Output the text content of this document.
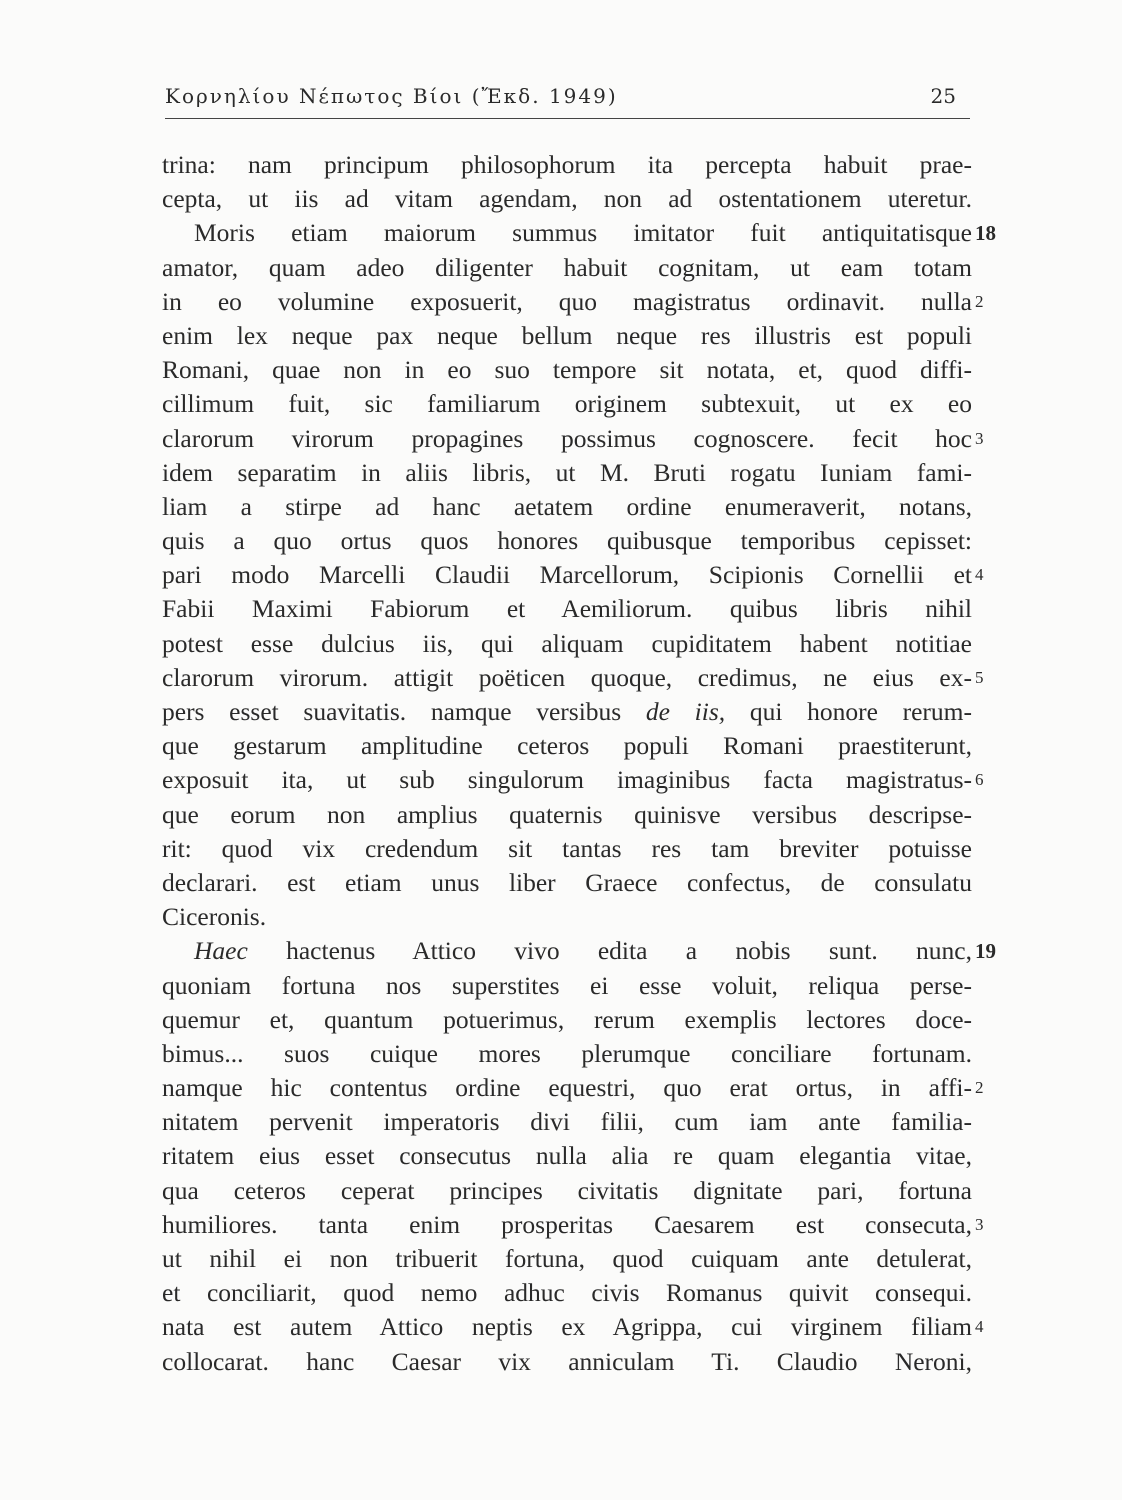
Κορνηλίου Νέπωτος Βίοι (Ἔκδ. 1949)	25
trina: nam principum philosophorum ita percepta habuit prae-
cepta, ut iis ad vitam agendam, non ad ostentationem uteretur.
Moris etiam maiorum summus imitator fuit antiquitatisque 18
amator, quam adeo diligenter habuit cognitam, ut eam totam
in eo volumine exposuerit, quo magistratus ordinavit. nulla 2
enim lex neque pax neque bellum neque res illustris est populi
Romani, quae non in eo suo tempore sit notata, et, quod diffi-
cillimum fuit, sic familiarum originem subtexuit, ut ex eo
clarorum virorum propagines possimus cognoscere. fecit hoc 3
idem separatim in aliis libris, ut M. Bruti rogatu Iuniam fami-
liam a stirpe ad hanc aetatem ordine enumeraverit, notans,
quis a quo ortus quos honores quibusque temporibus cepisset:
pari modo Marcelli Claudii Marcellorum, Scipionis Cornellii et 4
Fabii Maximi Fabiorum et Aemiliorum. quibus libris nihil
potest esse dulcius iis, qui aliquam cupiditatem habent notitiae
clarorum virorum. attigit poëticen quoque, credimus, ne eius ex- 5
pers esset suavitatis. namque versibus de iis, qui honore rerum-
que gestarum amplitudine ceteros populi Romani praestiterunt,
exposuit ita, ut sub singulorum imaginibus facta magistratus- 6
que eorum non amplius quaternis quinisve versibus descripse-
rit: quod vix credendum sit tantas res tam breviter potuisse
declarari. est etiam unus liber Graece confectus, de consulatu
Ciceronis.
Haec hactenus Attico vivo edita a nobis sunt. nunc, 19
quoniam fortuna nos superstites ei esse voluit, reliqua perse-
quemur et, quantum potuerimus, rerum exemplis lectores doce-
bimus... suos cuique mores plerumque conciliare fortunam.
namque hic contentus ordine equestri, quo erat ortus, in affi- 2
nitatem pervenit imperatoris divi filii, cum iam ante familia-
ritatem eius esset consecutus nulla alia re quam elegantia vitae,
qua ceteros ceperat principes civitatis dignitate pari, fortuna
humiliores. tanta enim prosperitas Caesarem est consecuta, 3
ut nihil ei non tribuerit fortuna, quod cuiquam ante detulerat,
et conciliarit, quod nemo adhuc civis Romanus quivit consequi.
nata est autem Attico neptis ex Agrippa, cui virginem filiam 4
collocarat. hanc Caesar vix anniculam Ti. Claudio Neroni,
